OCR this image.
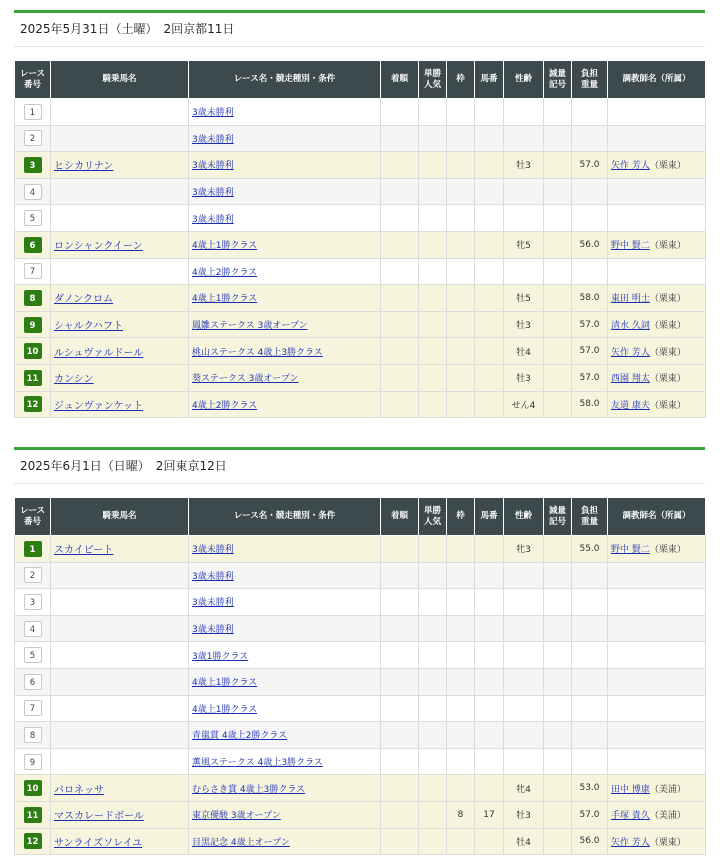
2025年5月31日（土曜）　2回京都11日
レース
番号	騎乗馬名	レース名・競走種別・条件	着順	単勝
人気	枠	馬番	性齢	減量
記号	負担
重量	調教師名（所属）
1		3歳未勝利								
2		3歳未勝利								
3	ヒシカリナン	3歳未勝利					牡3		57.0	矢作 芳人（栗東）
4		3歳未勝利								
5		3歳未勝利								
6	ロンシャンクイーン	4歳上1勝クラス					牝5		56.0	野中 賢二（栗東）
7		4歳上2勝クラス								
8	ダノンクロム	4歳上1勝クラス					牡5		58.0	東田 明士（栗東）
9	シャルクハフト	鳳雛ステークス 3歳オープン					牡3		57.0	清水 久詞（栗東）
10	ルシュヴァルドール	桃山ステークス 4歳上3勝クラス					牡4		57.0	矢作 芳人（栗東）
11	カンシン	葵ステークス 3歳オープン					牡3		57.0	西園 翔太（栗東）
12	ジュンヴァンケット	4歳上2勝クラス					せん4		58.0	友道 康夫（栗東）
2025年6月1日（日曜）　2回東京12日
レース
番号	騎乗馬名	レース名・競走種別・条件	着順	単勝
人気	枠	馬番	性齢	減量
記号	負担
重量	調教師名（所属）
1	スカイピート	3歳未勝利					牝3		55.0	野中 賢二（栗東）
2		3歳未勝利								
3		3歳未勝利								
4		3歳未勝利								
5		3歳1勝クラス								
6		4歳上1勝クラス								
7		4歳上1勝クラス								
8		青嵐賞 4歳上2勝クラス								
9		薫風ステークス 4歳上3勝クラス								
10	パロネッサ	むらさき賞 4歳上3勝クラス					牝4		53.0	田中 博康（美浦）
11	マスカレードボール	東京優駿 3歳オープン			8	17	牡3		57.0	手塚 貴久（美浦）
12	サンライズソレイユ	目黒記念 4歳上オープン					牡4		56.0	矢作 芳人（栗東）
